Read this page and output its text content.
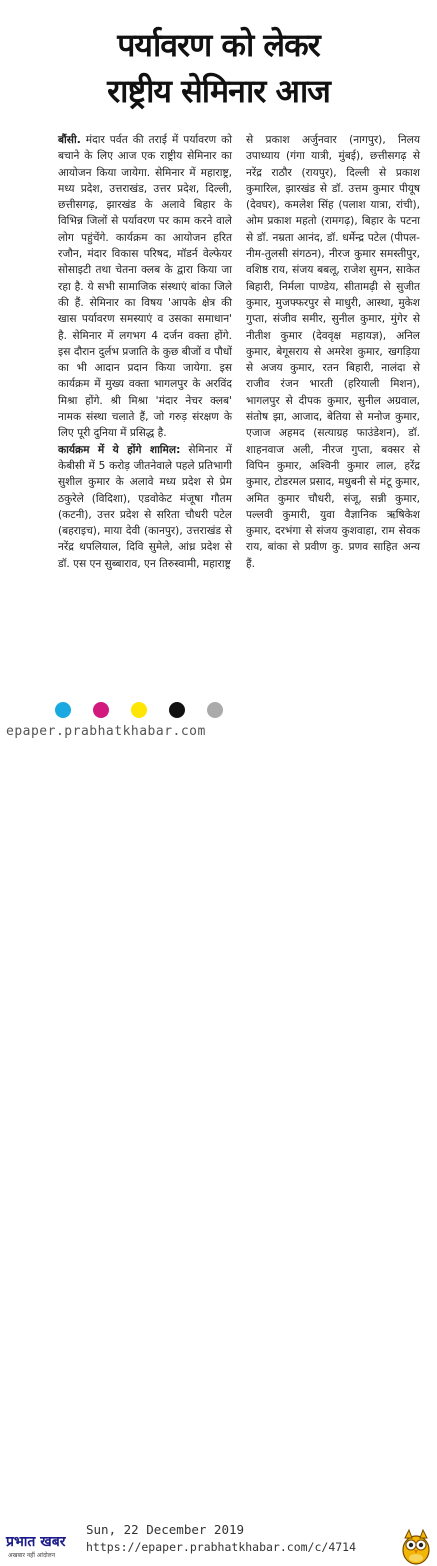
पर्यावरण को लेकर
राष्ट्रीय सेमिनार आज

बौंसी. मंदार पर्वत की तराई में पर्यावरण को बचाने के लिए आज एक राष्ट्रीय सेमिनार का आयोजन किया जायेगा. सेमिनार में महाराष्ट्र, मध्य प्रदेश, उत्तराखंड, उत्तर प्रदेश, दिल्ली, छत्तीसगढ़, झारखंड के अलावे बिहार के विभिन्न जिलों से पर्यावरण पर काम करने वाले लोग पहुंचेंगे. कार्यक्रम का आयोजन हरित रजौन, मंदार विकास परिषद, मॉडर्न वेल्फेयर सोसाइटी तथा चेतना क्लब के द्वारा किया जा रहा है. ये सभी सामाजिक संस्थाएं बांका जिले की हैं. सेमिनार का विषय 'आपके क्षेत्र की खास पर्यावरण समस्याएं व उसका समाधान' है. सेमिनार में लगभग 4 दर्जन वक्ता होंगे. इस दौरान दुर्लभ प्रजाति के कुछ बीजों व पौधों का भी आदान प्रदान किया जायेगा. इस कार्यक्रम में मुख्य वक्ता भागलपुर के अरविंद मिश्रा होंगे. श्री मिश्रा 'मंदार नेचर क्लब' नामक संस्था चलाते हैं, जो गरुड़ संरक्षण के लिए पूरी दुनिया में प्रसिद्ध है.

कार्यक्रम में ये होंगे शामिल: सेमिनार में केबीसी में 5 करोड़ जीतनेवाले पहले प्रतिभागी सुशील कुमार के अलावे मध्य प्रदेश से प्रेम ठकुरेले (विदिशा), एडवोकेट मंजूषा गौतम (कटनी), उत्तर प्रदेश से सरिता चौधरी पटेल (बहराइच), माया देवी (कानपुर), उत्तराखंड से नरेंद्र थपलियाल, दिवि सुमेले, आंध्र प्रदेश से डॉ. एस एन सुब्बाराव, एन तिरुस्वामी, महाराष्ट्र

से प्रकाश अर्जुनवार (नागपुर), निलय उपाध्याय (गंगा यात्री, मुंबई), छत्तीसगढ़ से नरेंद्र राठौर (रायपुर), दिल्ली से प्रकाश कुमारिल, झारखंड से डॉ. उत्तम कुमार पीयूष (देवघर), कमलेश सिंह (पलाश यात्रा, रांची), ओम प्रकाश महतो (रामगढ़), बिहार के पटना से डॉ. नम्रता आनंद, डॉ. धर्मेन्द्र पटेल (पीपल-नीम-तुलसी संगठन), नीरज कुमार समस्तीपुर, वशिष्ठ राय, संजय बबलू, राजेश सुमन, साकेत बिहारी, निर्मला पाण्डेय, सीतामढ़ी से सुजीत कुमार, मुजफ्फरपुर से माधुरी, आस्था, मुकेश गुप्ता, संजीव समीर, सुनील कुमार, मुंगेर से नीतीश कुमार (देववृक्ष महायज्ञ), अनिल कुमार, बेगूसराय से अमरेश कुमार, खगड़िया से अजय कुमार, रतन बिहारी, नालंदा से राजीव रंजन भारती (हरियाली मिशन), भागलपुर से दीपक कुमार, सुनील अग्रवाल, संतोष झा, आजाद, बेतिया से मनोज कुमार, एजाज अहमद (सत्याग्रह फाउंडेशन), डॉ. शाहनवाज अली, नीरज गुप्ता, बक्सर से विपिन कुमार, अश्विनी कुमार लाल, हरेंद्र कुमार, टोडरमल प्रसाद, मधुबनी से मंटू कुमार, अमित कुमार चौधरी, संजू, सन्नी कुमार, पल्लवी कुमारी, युवा वैज्ञानिक ऋषिकेश कुमार, दरभंगा से संजय कुशवाहा, राम सेवक राय, बांका से प्रवीण कु. प्रणव साहित अन्य हैं.

epaper.prabhatkhabar.com
प्रभात खबर
अखबार नहीं आंदोलन
Sun, 22 December 2019
https://epaper.prabhatkhabar.com/c/4714
